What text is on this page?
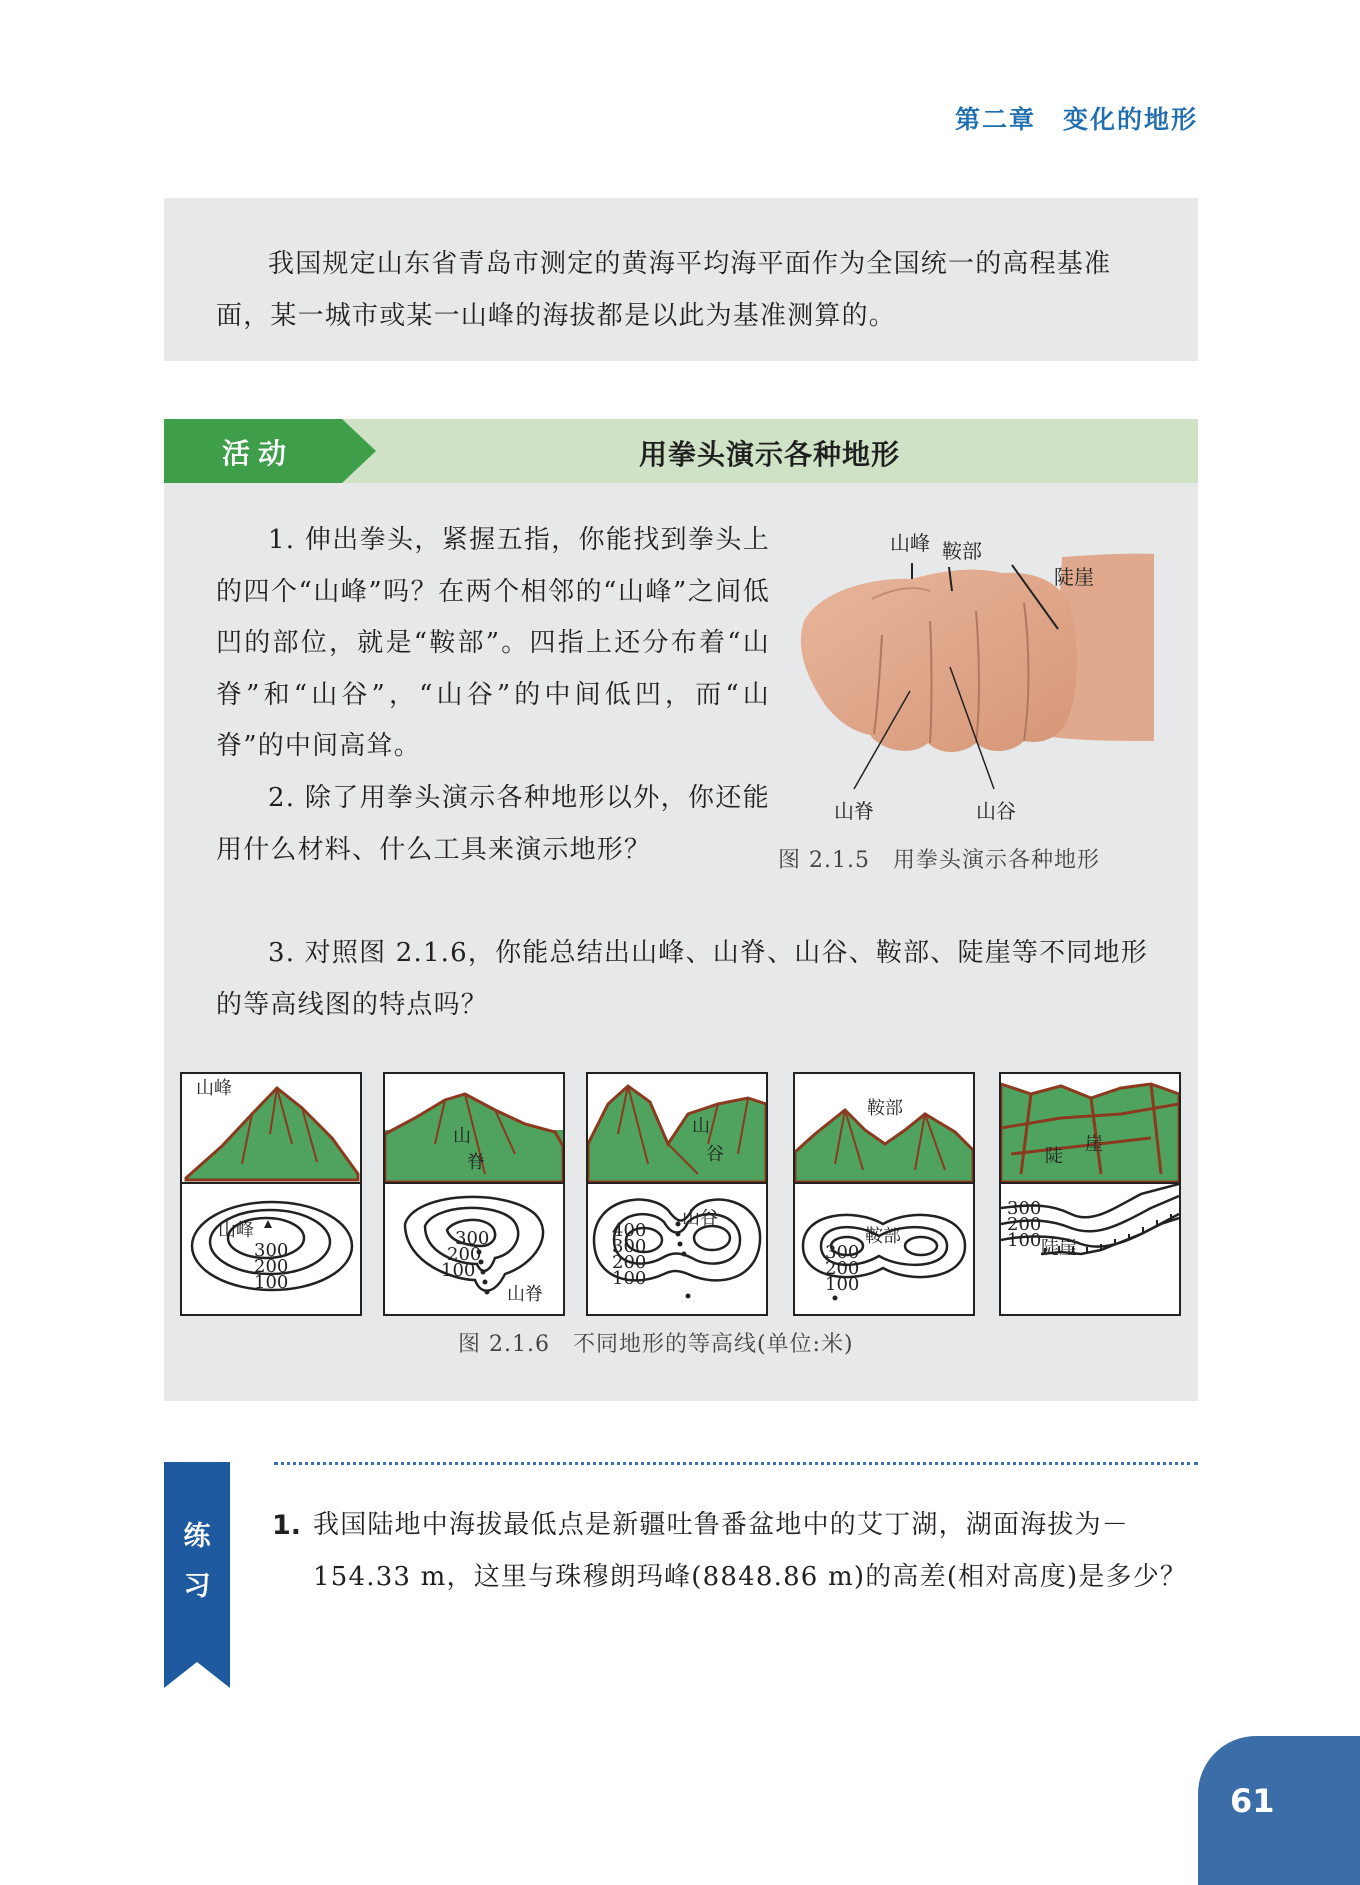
第二章　变化的地形

我国规定山东省青岛市测定的黄海平均海平面作为全国统一的高程基准面，某一城市或某一山峰的海拔都是以此为基准测算的。

活动	用拳头演示各种地形

1. 伸出拳头，紧握五指，你能找到拳头上的四个“山峰”吗？在两个相邻的“山峰”之间低凹的部位，就是“鞍部”。四指上还分布着“山脊”和“山谷”，“山谷”的中间低凹，而“山脊”的中间高耸。

2. 除了用拳头演示各种地形以外，你还能用什么材料、什么工具来演示地形？

3. 对照图 2.1.6，你能总结出山峰、山脊、山谷、鞍部、陡崖等不同地形的等高线图的特点吗？

山峰 鞍部
陡崖
山脊	山谷
图 2.1.5　用拳头演示各种地形
山峰
山峰
300
200
100
山
脊
300
200
100
山脊
山
谷
山谷
400
300
200
100
鞍部
鞍部
300
200
100
陡
崖
300
200
100 陡崖
图 2.1.6　不同地形的等高线(单位:米)
练
习
1. 我国陆地中海拔最低点是新疆吐鲁番盆地中的艾丁湖，湖面海拔为－154.33 m，这里与珠穆朗玛峰(8848.86 m)的高差(相对高度)是多少？

61
